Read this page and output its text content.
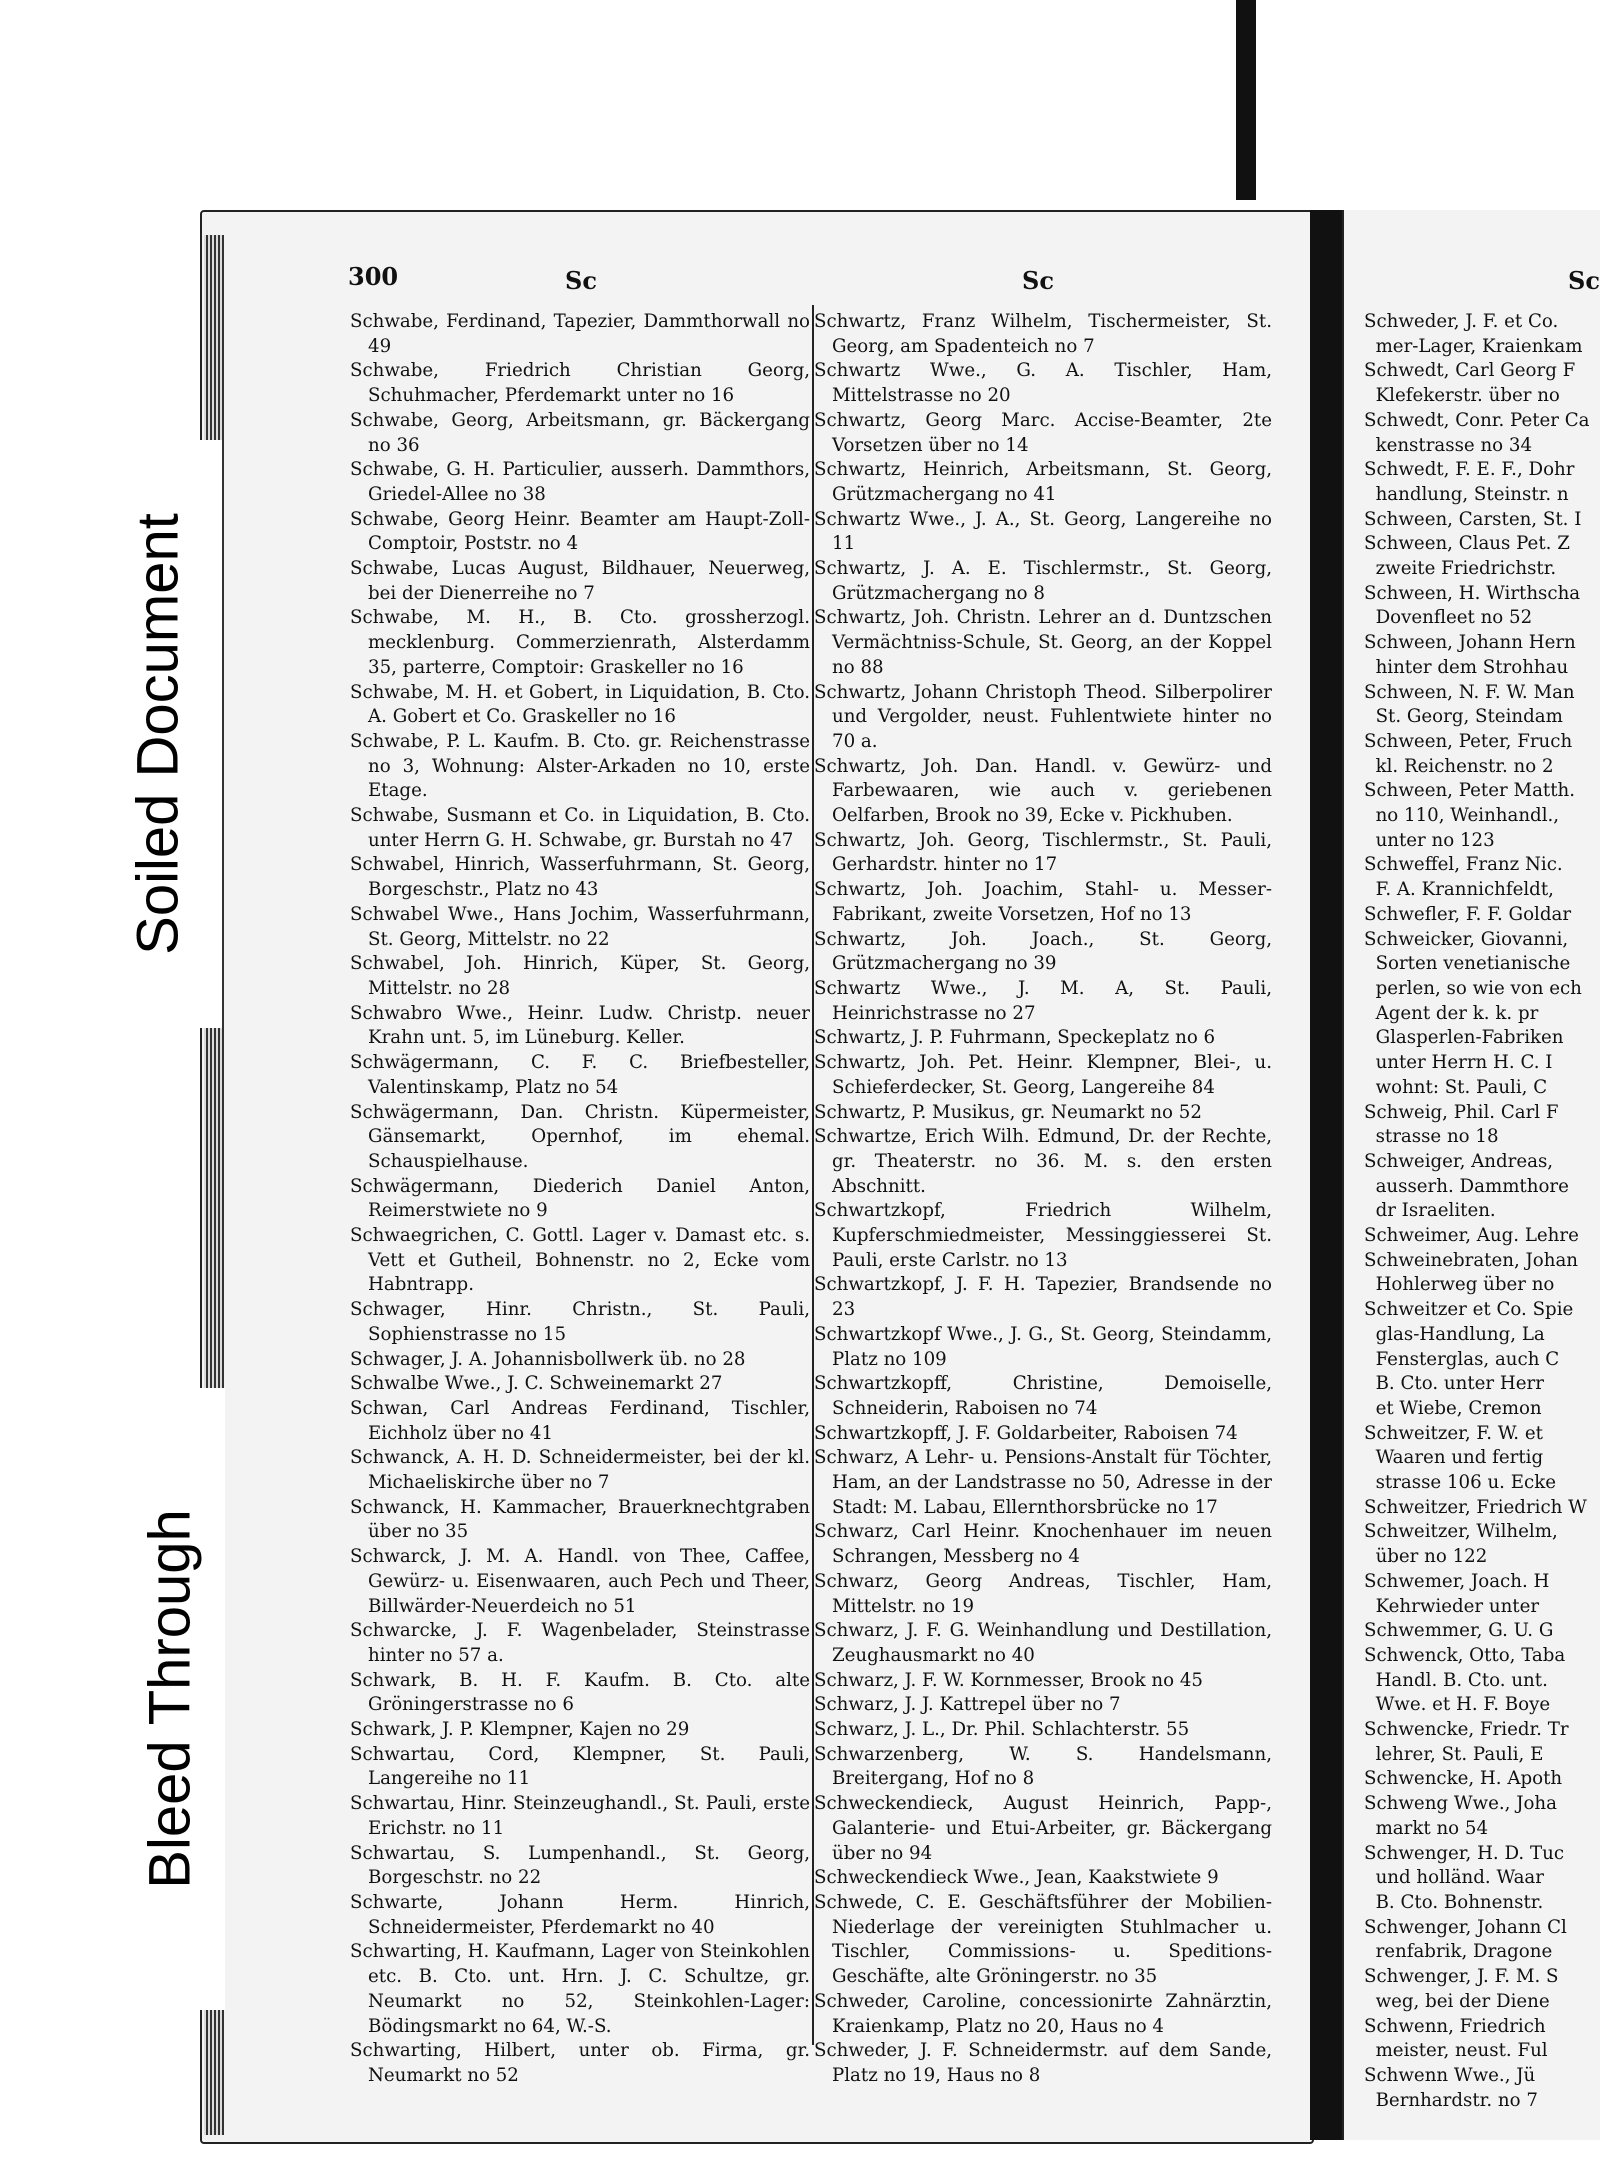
300	Sc	Sc	Sc

Schwabe, Ferdinand, Tapezier, Dammthorwall no 49

Schwabe, Friedrich Christian Georg, Schuhmacher, Pferdemarkt unter no 16

Schwabe, Georg, Arbeitsmann, gr. Bäckergang no 36

Schwabe, G. H. Particulier, ausserh. Dammthors, Griedel-Allee no 38

Schwabe, Georg Heinr. Beamter am Haupt-Zoll-Comptoir, Poststr. no 4

Schwabe, Lucas August, Bildhauer, Neuerweg, bei der Dienerreihe no 7

Schwabe, M. H., B. Cto. grossherzogl. mecklenburg. Commerzienrath, Alsterdamm 35, parterre, Comptoir: Graskeller no 16

Schwabe, M. H. et Gobert, in Liquidation, B. Cto. A. Gobert et Co. Graskeller no 16

Schwabe, P. L. Kaufm. B. Cto. gr. Reichenstrasse no 3, Wohnung: Alster-Arkaden no 10, erste Etage.

Schwabe, Susmann et Co. in Liquidation, B. Cto. unter Herrn G. H. Schwabe, gr. Burstah no 47

Schwabel, Hinrich, Wasserfuhrmann, St. Georg, Borgeschstr., Platz no 43

Schwabel Wwe., Hans Jochim, Wasserfuhrmann, St. Georg, Mittelstr. no 22

Schwabel, Joh. Hinrich, Küper, St. Georg, Mittelstr. no 28

Schwabro Wwe., Heinr. Ludw. Christp. neuer Krahn unt. 5, im Lüneburg. Keller.

Schwägermann, C. F. C. Briefbesteller, Valentinskamp, Platz no 54

Schwägermann, Dan. Christn. Küpermeister, Gänsemarkt, Opernhof, im ehemal. Schauspielhause.

Schwägermann, Diederich Daniel Anton, Reimerstwiete no 9

Schwaegrichen, C. Gottl. Lager v. Damast etc. s. Vett et Gutheil, Bohnenstr. no 2, Ecke vom Habntrapp.

Schwager, Hinr. Christn., St. Pauli, Sophienstrasse no 15

Schwager, J. A. Johannisbollwerk üb. no 28

Schwalbe Wwe., J. C. Schweinemarkt 27

Schwan, Carl Andreas Ferdinand, Tischler, Eichholz über no 41

Schwanck, A. H. D. Schneidermeister, bei der kl. Michaeliskirche über no 7

Schwanck, H. Kammacher, Brauerknechtgraben über no 35

Schwarck, J. M. A. Handl. von Thee, Caffee, Gewürz- u. Eisenwaaren, auch Pech und Theer, Billwärder-Neuerdeich no 51

Schwarcke, J. F. Wagenbelader, Steinstrasse hinter no 57 a.

Schwark, B. H. F. Kaufm. B. Cto. alte Gröningerstrasse no 6

Schwark, J. P. Klempner, Kajen no 29

Schwartau, Cord, Klempner, St. Pauli, Langereihe no 11

Schwartau, Hinr. Steinzeughandl., St. Pauli, erste Erichstr. no 11

Schwartau, S. Lumpenhandl., St. Georg, Borgeschstr. no 22

Schwarte, Johann Herm. Hinrich, Schneidermeister, Pferdemarkt no 40

Schwarting, H. Kaufmann, Lager von Steinkohlen etc. B. Cto. unt. Hrn. J. C. Schultze, gr. Neumarkt no 52, Steinkohlen-Lager: Bödingsmarkt no 64, W.-S.

Schwarting, Hilbert, unter ob. Firma, gr. Neumarkt no 52

Schwartz, Franz Wilhelm, Tischermeister, St. Georg, am Spadenteich no 7

Schwartz Wwe., G. A. Tischler, Ham, Mittelstrasse no 20

Schwartz, Georg Marc. Accise-Beamter, 2te Vorsetzen über no 14

Schwartz, Heinrich, Arbeitsmann, St. Georg, Grützmachergang no 41

Schwartz Wwe., J. A., St. Georg, Langereihe no 11

Schwartz, J. A. E. Tischlermstr., St. Georg, Grützmachergang no 8

Schwartz, Joh. Christn. Lehrer an d. Duntzschen Vermächtniss-Schule, St. Georg, an der Koppel no 88

Schwartz, Johann Christoph Theod. Silberpolirer und Vergolder, neust. Fuhlentwiete hinter no 70 a.

Schwartz, Joh. Dan. Handl. v. Gewürz- und Farbewaaren, wie auch v. geriebenen Oelfarben, Brook no 39, Ecke v. Pickhuben.

Schwartz, Joh. Georg, Tischlermstr., St. Pauli, Gerhardstr. hinter no 17

Schwartz, Joh. Joachim, Stahl- u. Messer-Fabrikant, zweite Vorsetzen, Hof no 13

Schwartz, Joh. Joach., St. Georg, Grützmachergang no 39

Schwartz Wwe., J. M. A, St. Pauli, Heinrichstrasse no 27

Schwartz, J. P. Fuhrmann, Speckeplatz no 6

Schwartz, Joh. Pet. Heinr. Klempner, Blei-, u. Schieferdecker, St. Georg, Langereihe 84

Schwartz, P. Musikus, gr. Neumarkt no 52

Schwartze, Erich Wilh. Edmund, Dr. der Rechte, gr. Theaterstr. no 36. M. s. den ersten Abschnitt.

Schwartzkopf, Friedrich Wilhelm, Kupferschmiedmeister, Messinggiesserei St. Pauli, erste Carlstr. no 13

Schwartzkopf, J. F. H. Tapezier, Brandsende no 23

Schwartzkopf Wwe., J. G., St. Georg, Steindamm, Platz no 109

Schwartzkopff, Christine, Demoiselle, Schneiderin, Raboisen no 74

Schwartzkopff, J. F. Goldarbeiter, Raboisen 74

Schwarz, A Lehr- u. Pensions-Anstalt für Töchter, Ham, an der Landstrasse no 50, Adresse in der Stadt: M. Labau, Ellernthorsbrücke no 17

Schwarz, Carl Heinr. Knochenhauer im neuen Schrangen, Messberg no 4

Schwarz, Georg Andreas, Tischler, Ham, Mittelstr. no 19

Schwarz, J. F. G. Weinhandlung und Destillation, Zeughausmarkt no 40

Schwarz, J. F. W. Kornmesser, Brook no 45

Schwarz, J. J. Kattrepel über no 7

Schwarz, J. L., Dr. Phil. Schlachterstr. 55

Schwarzenberg, W. S. Handelsmann, Breitergang, Hof no 8

Schweckendieck, August Heinrich, Papp-, Galanterie- und Etui-Arbeiter, gr. Bäckergang über no 94

Schweckendieck Wwe., Jean, Kaakstwiete 9

Schwede, C. E. Geschäftsführer der Mobilien-Niederlage der vereinigten Stuhlmacher u. Tischler, Commissions- u. Speditions-Geschäfte, alte Gröningerstr. no 35

Schweder, Caroline, concessionirte Zahnärztin, Kraienkamp, Platz no 20, Haus no 4

Schweder, J. F. Schneidermstr. auf dem Sande, Platz no 19, Haus no 8

Schweder, J. F. et Co.
mer-Lager, Kraienkam
Schwedt, Carl Georg F
Klefekerstr. über no
Schwedt, Conr. Peter Ca
kenstrasse no 34
Schwedt, F. E. F., Dohr
handlung, Steinstr. n
Schween, Carsten, St. I
Schween, Claus Pet. Z
zweite Friedrichstr.
Schween, H. Wirthscha
Dovenfleet no 52
Schween, Johann Hern
hinter dem Strohhau
Schween, N. F. W. Man
St. Georg, Steindam
Schween, Peter, Fruch
kl. Reichenstr. no 2
Schween, Peter Matth.
no 110, Weinhandl.,
unter no 123
Schweffel, Franz Nic.
F. A. Krannichfeldt,
Schwefler, F. F. Goldar
Schweicker, Giovanni,
Sorten venetianische
perlen, so wie von ech
Agent der k. k. pr
Glasperlen-Fabriken
unter Herrn H. C. I
wohnt: St. Pauli, C
Schweig, Phil. Carl F
strasse no 18
Schweiger, Andreas,
ausserh. Dammthore
dr Israeliten.
Schweimer, Aug. Lehre
Schweinebraten, Johan
Hohlerweg über no
Schweitzer et Co. Spie
glas-Handlung, La
Fensterglas, auch C
B. Cto. unter Herr
et Wiebe, Cremon
Schweitzer, F. W. et
Waaren und fertig
strasse 106 u. Ecke
Schweitzer, Friedrich W
Schweitzer, Wilhelm,
über no 122
Schwemer, Joach. H
Kehrwieder unter
Schwemmer, G. U. G
Schwenck, Otto, Taba
Handl. B. Cto. unt.
Wwe. et H. F. Boye
Schwencke, Friedr. Tr
lehrer, St. Pauli, E
Schwencke, H. Apoth
Schweng Wwe., Joha
markt no 54
Schwenger, H. D. Tuc
und holländ. Waar
B. Cto. Bohnenstr.
Schwenger, Johann Cl
renfabrik, Dragone
Schwenger, J. F. M. S
weg, bei der Diene
Schwenn, Friedrich
meister, neust. Ful
Schwenn Wwe., Jü
Bernhardstr. no 7
Soiled Document
Bleed Through
